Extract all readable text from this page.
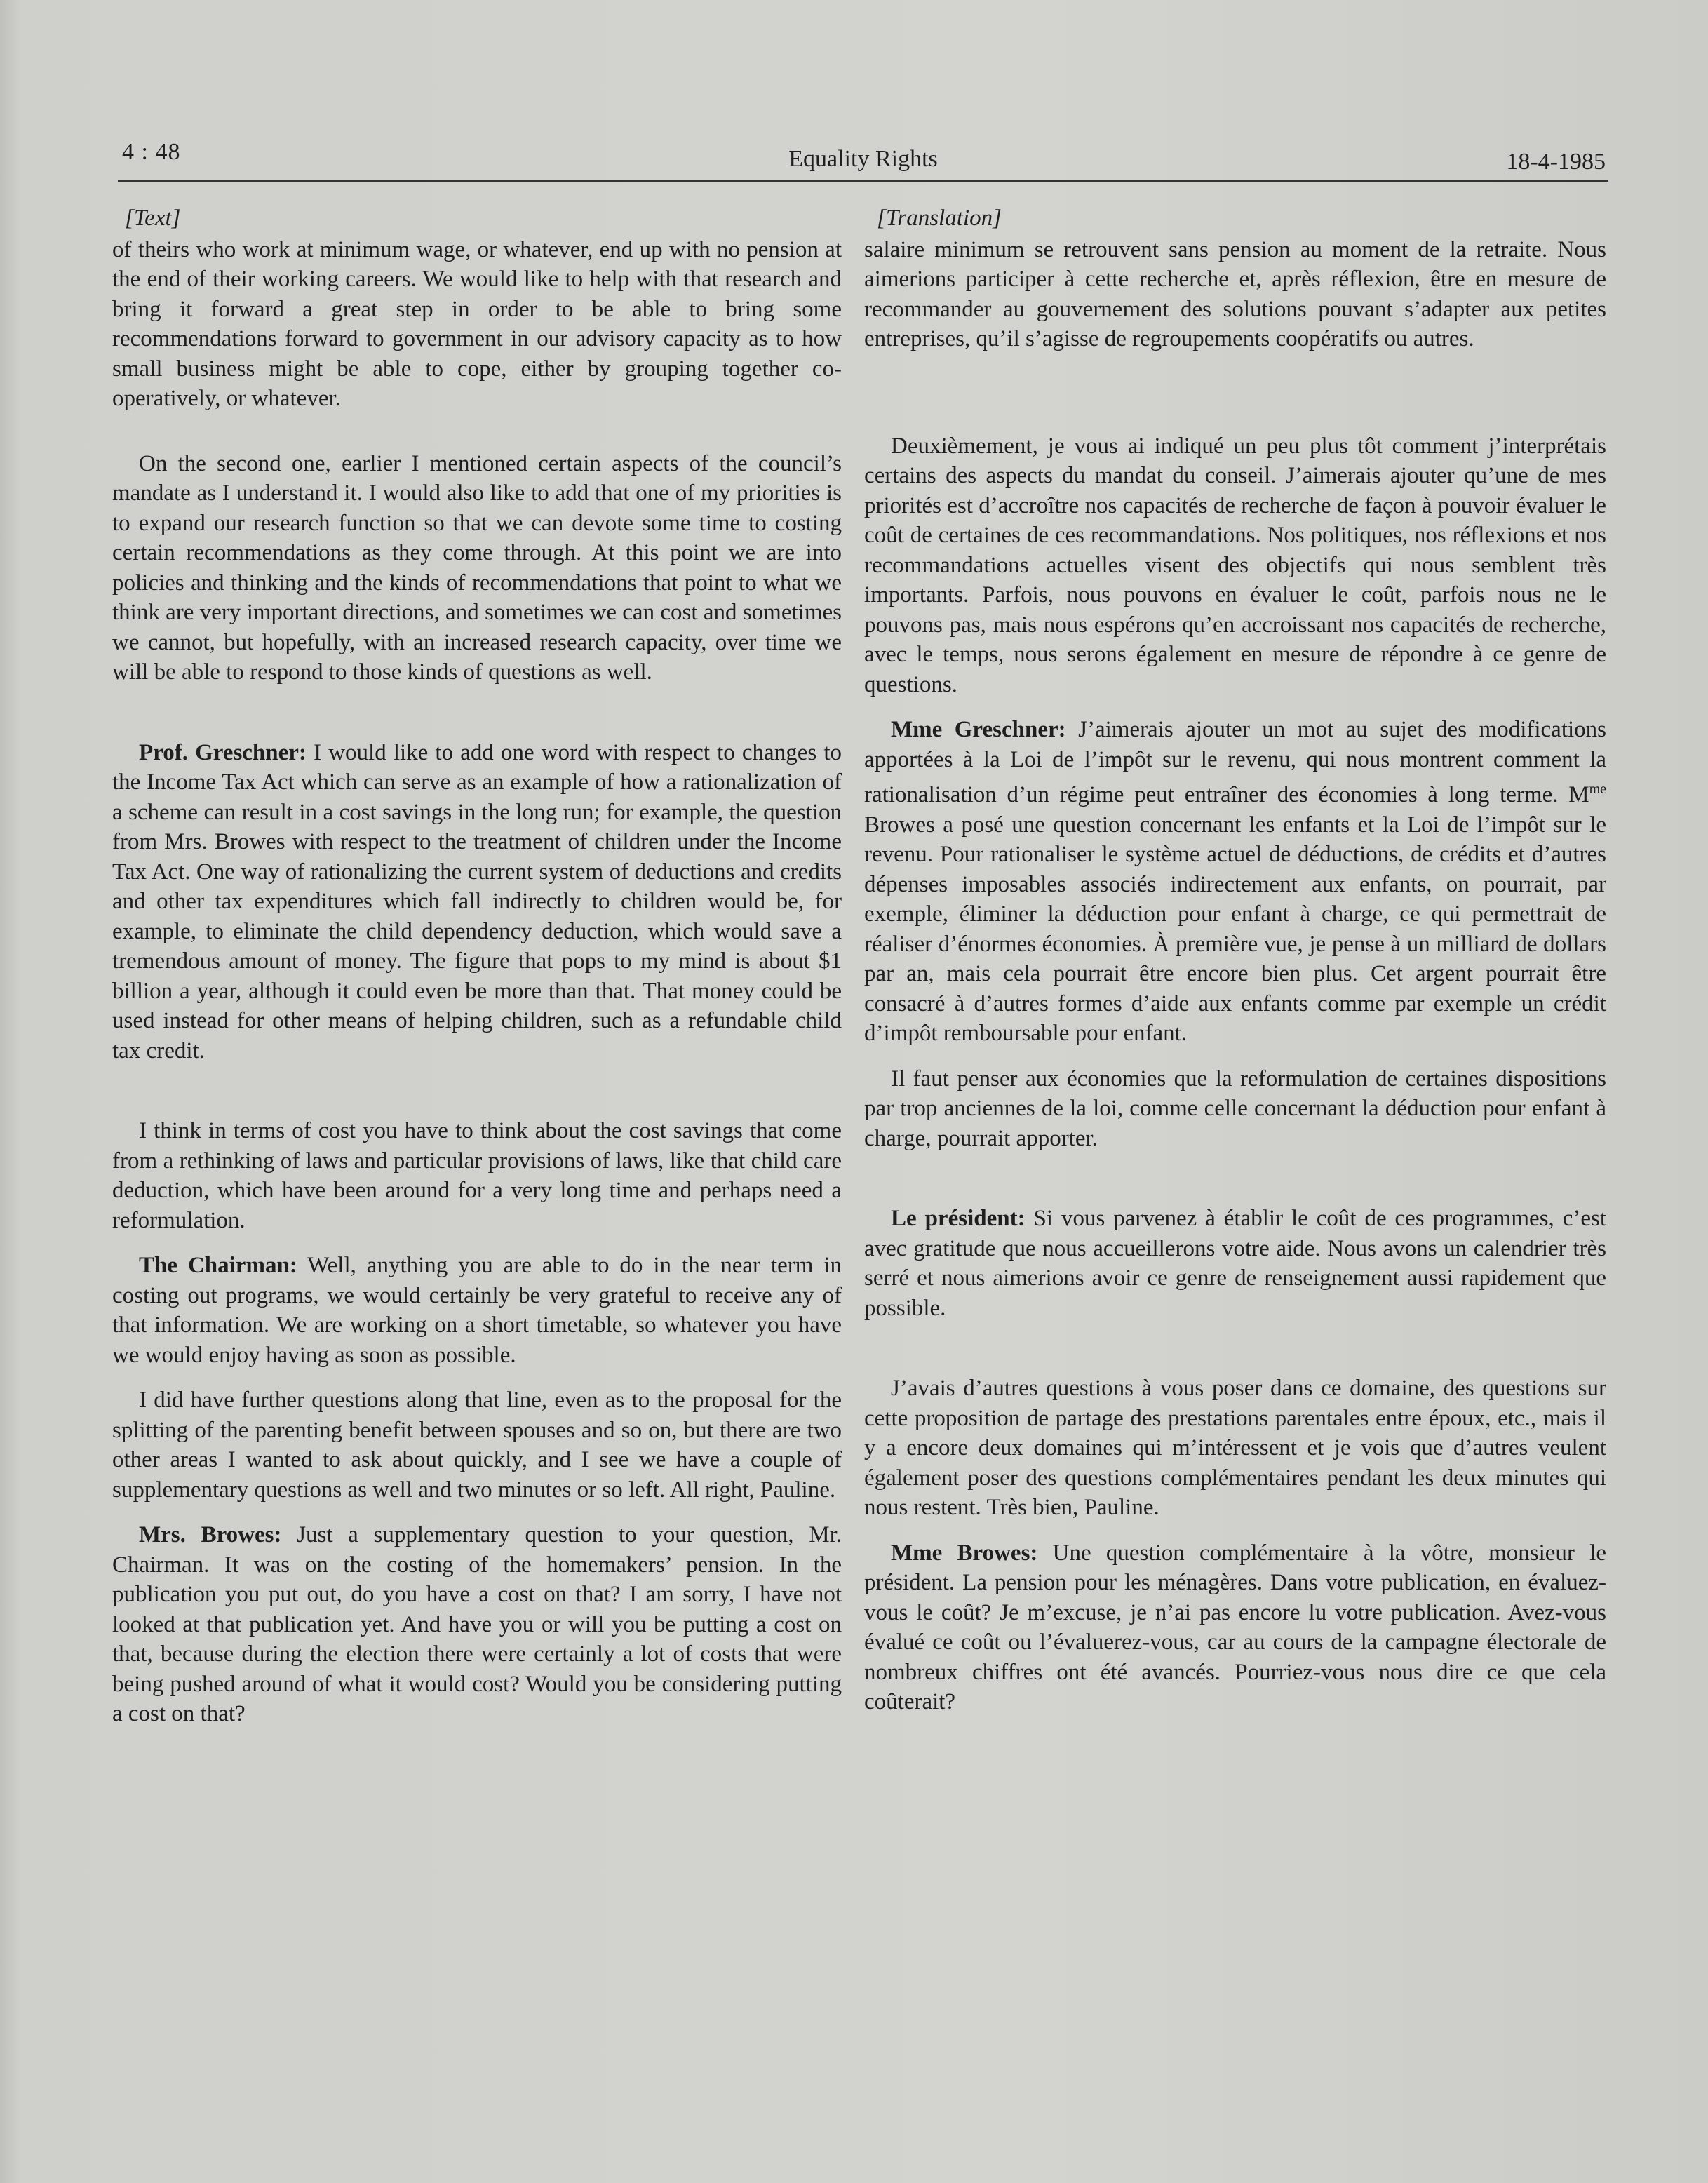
4 : 48	Equality Rights	18-4-1985
[Text]

of theirs who work at minimum wage, or whatever, end up with no pension at the end of their working careers. We would like to help with that research and bring it forward a great step in order to be able to bring some recommendations forward to government in our advisory capacity as to how small business might be able to cope, either by grouping together co-operatively, or whatever.

On the second one, earlier I mentioned certain aspects of the council’s mandate as I understand it. I would also like to add that one of my priorities is to expand our research function so that we can devote some time to costing certain recommendations as they come through. At this point we are into policies and thinking and the kinds of recommendations that point to what we think are very important directions, and sometimes we can cost and sometimes we cannot, but hopefully, with an increased research capacity, over time we will be able to respond to those kinds of questions as well.

Prof. Greschner: I would like to add one word with respect to changes to the Income Tax Act which can serve as an example of how a rationalization of a scheme can result in a cost savings in the long run; for example, the question from Mrs. Browes with respect to the treatment of children under the Income Tax Act. One way of rationalizing the current system of deductions and credits and other tax expenditures which fall indirectly to children would be, for example, to eliminate the child dependency deduction, which would save a tremendous amount of money. The figure that pops to my mind is about $1 billion a year, although it could even be more than that. That money could be used instead for other means of helping children, such as a refundable child tax credit.

I think in terms of cost you have to think about the cost savings that come from a rethinking of laws and particular provisions of laws, like that child care deduction, which have been around for a very long time and perhaps need a reformulation.

The Chairman: Well, anything you are able to do in the near term in costing out programs, we would certainly be very grateful to receive any of that information. We are working on a short timetable, so whatever you have we would enjoy having as soon as possible.

I did have further questions along that line, even as to the proposal for the splitting of the parenting benefit between spouses and so on, but there are two other areas I wanted to ask about quickly, and I see we have a couple of supplementary questions as well and two minutes or so left. All right, Pauline.

Mrs. Browes: Just a supplementary question to your question, Mr. Chairman. It was on the costing of the homemakers’ pension. In the publication you put out, do you have a cost on that? I am sorry, I have not looked at that publication yet. And have you or will you be putting a cost on that, because during the election there were certainly a lot of costs that were being pushed around of what it would cost? Would you be considering putting a cost on that?

[Translation]

salaire minimum se retrouvent sans pension au moment de la retraite. Nous aimerions participer à cette recherche et, après réflexion, être en mesure de recommander au gouvernement des solutions pouvant s’adapter aux petites entreprises, qu’il s’agisse de regroupements coopératifs ou autres.

Deuxièmement, je vous ai indiqué un peu plus tôt comment j’interprétais certains des aspects du mandat du conseil. J’aimerais ajouter qu’une de mes priorités est d’accroître nos capacités de recherche de façon à pouvoir évaluer le coût de certaines de ces recommandations. Nos politiques, nos réflexions et nos recommandations actuelles visent des objectifs qui nous semblent très importants. Parfois, nous pouvons en évaluer le coût, parfois nous ne le pouvons pas, mais nous espérons qu’en accroissant nos capacités de recherche, avec le temps, nous serons également en mesure de répondre à ce genre de questions.

Mme Greschner: J’aimerais ajouter un mot au sujet des modifications apportées à la Loi de l’impôt sur le revenu, qui nous montrent comment la rationalisation d’un régime peut entraîner des économies à long terme. $M^{me}$ Browes a posé une question concernant les enfants et la Loi de l’impôt sur le revenu. Pour rationaliser le système actuel de déductions, de crédits et d’autres dépenses imposables associés indirectement aux enfants, on pourrait, par exemple, éliminer la déduction pour enfant à charge, ce qui permettrait de réaliser d’énormes économies. À première vue, je pense à un milliard de dollars par an, mais cela pourrait être encore bien plus. Cet argent pourrait être consacré à d’autres formes d’aide aux enfants comme par exemple un crédit d’impôt remboursable pour enfant.

Il faut penser aux économies que la reformulation de certaines dispositions par trop anciennes de la loi, comme celle concernant la déduction pour enfant à charge, pourrait apporter.

Le président: Si vous parvenez à établir le coût de ces programmes, c’est avec gratitude que nous accueillerons votre aide. Nous avons un calendrier très serré et nous aimerions avoir ce genre de renseignement aussi rapidement que possible.

J’avais d’autres questions à vous poser dans ce domaine, des questions sur cette proposition de partage des prestations parentales entre époux, etc., mais il y a encore deux domaines qui m’intéressent et je vois que d’autres veulent également poser des questions complémentaires pendant les deux minutes qui nous restent. Très bien, Pauline.

Mme Browes: Une question complémentaire à la vôtre, monsieur le président. La pension pour les ménagères. Dans votre publication, en évaluez-vous le coût? Je m’excuse, je n’ai pas encore lu votre publication. Avez-vous évalué ce coût ou l’évaluerez-vous, car au cours de la campagne électorale de nombreux chiffres ont été avancés. Pourriez-vous nous dire ce que cela coûterait?
